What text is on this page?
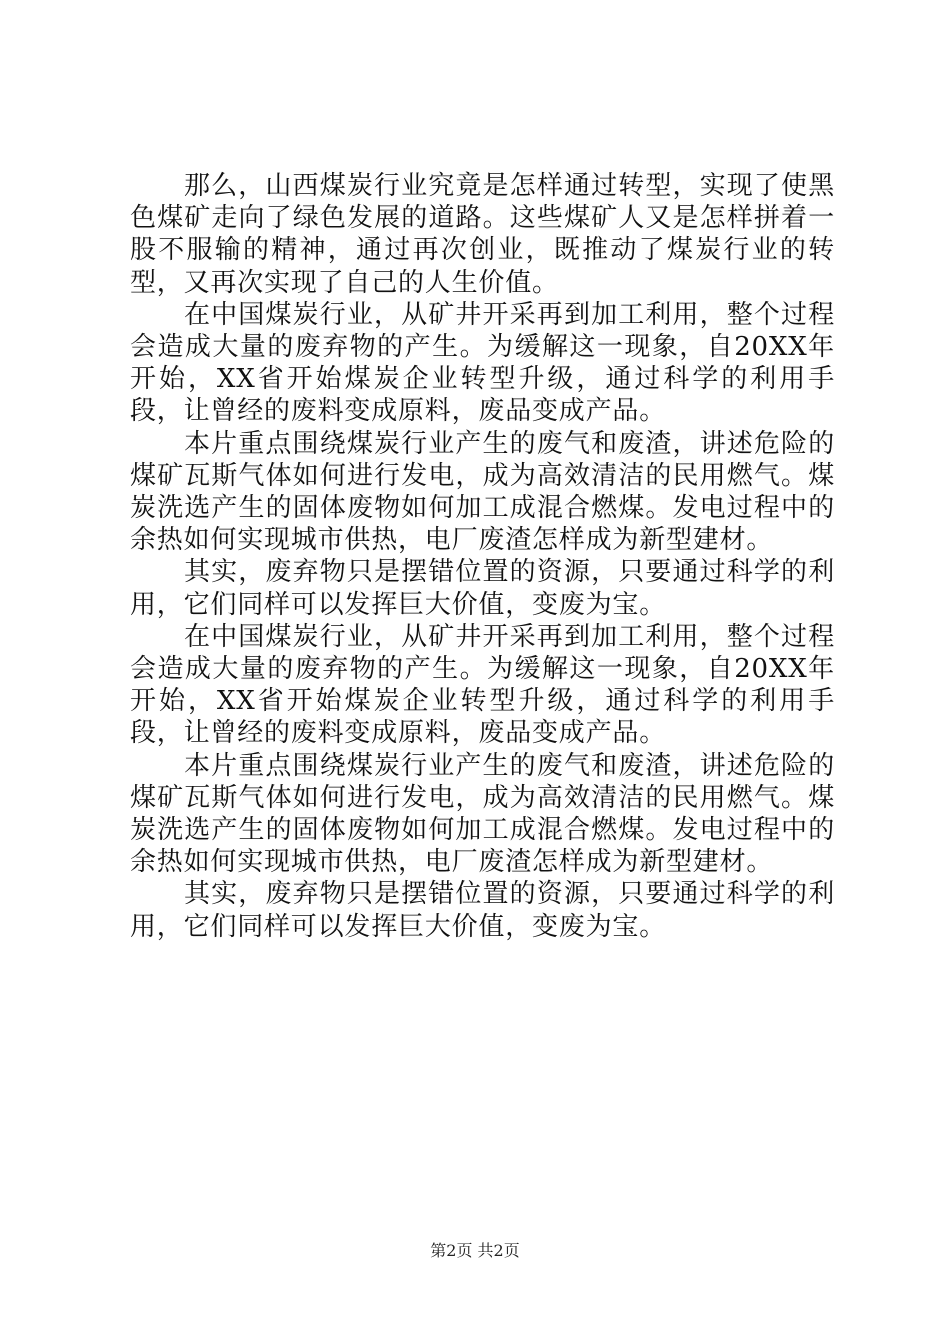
那么，山西煤炭行业究竟是怎样通过转型，实现了使黑色煤矿走向了绿色发展的道路。这些煤矿人又是怎样拼着一股不服输的精神，通过再次创业，既推动了煤炭行业的转型，又再次实现了自己的人生价值。

在中国煤炭行业，从矿井开采再到加工利用，整个过程会造成大量的废弃物的产生。为缓解这一现象，自20XX年开始，XX省开始煤炭企业转型升级，通过科学的利用手段，让曾经的废料变成原料，废品变成产品。

本片重点围绕煤炭行业产生的废气和废渣，讲述危险的煤矿瓦斯气体如何进行发电，成为高效清洁的民用燃气。煤炭洗选产生的固体废物如何加工成混合燃煤。发电过程中的余热如何实现城市供热，电厂废渣怎样成为新型建材。

其实，废弃物只是摆错位置的资源，只要通过科学的利用，它们同样可以发挥巨大价值，变废为宝。

在中国煤炭行业，从矿井开采再到加工利用，整个过程会造成大量的废弃物的产生。为缓解这一现象，自20XX年开始，XX省开始煤炭企业转型升级，通过科学的利用手段，让曾经的废料变成原料，废品变成产品。

本片重点围绕煤炭行业产生的废气和废渣，讲述危险的煤矿瓦斯气体如何进行发电，成为高效清洁的民用燃气。煤炭洗选产生的固体废物如何加工成混合燃煤。发电过程中的余热如何实现城市供热，电厂废渣怎样成为新型建材。

其实，废弃物只是摆错位置的资源，只要通过科学的利用，它们同样可以发挥巨大价值，变废为宝。

第2页 共2页
